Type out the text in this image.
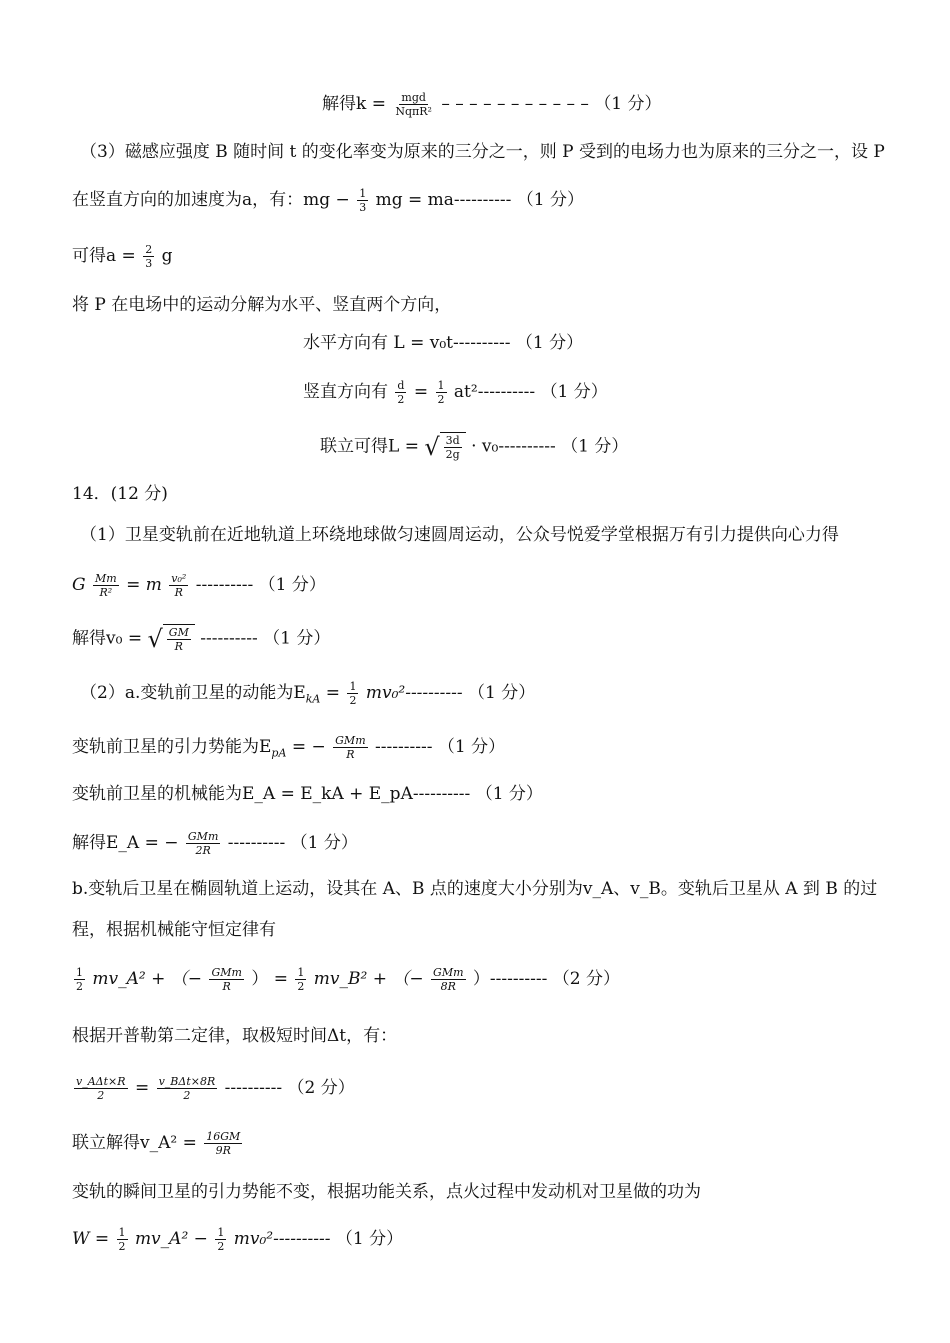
解得$k = \frac{\text{mgd}}{\text{NqπR²}}$ – – – – – – – – – – – （1 分）
（3）磁感应强度 B 随时间 t 的变化率变为原来的三分之一，则 P 受到的电场力也为原来的三分之一，设 P
在竖直方向的加速度为a，有：mg − $\frac{1}{3}$ mg = ma---------- （1 分）
可得$a = \frac{2}{3}$ g
将 P 在电场中的运动分解为水平、竖直两个方向，
水平方向有 L = v₀t---------- （1 分）
竖直方向有 $\frac{d}{2} = \frac{1}{2} at^2----------$ （1 分）
联立可得L = √ $\frac{3d}{2g} \cdot v_0----------$ （1 分）
14．(12 分)
（1）卫星变轨前在近地轨道上环绕地球做匀速圆周运动，公众号悦爱学堂根据万有引力提供向心力得
G $\frac{Mm}{\text{R²}} = m \frac{\text{v₀²}}{R}$ ---------- （1 分）
解得v₀ = √ $\frac{GM}{R}$ ---------- （1 分）
（2）a.变轨前卫星的动能为$E_{kA} = \frac{1}{2} mv_0^2----------$ （1 分）
变轨前卫星的引力势能为$E_{pA}$ = − $\frac{\text{GMm}}{R}$ ---------- （1 分）
变轨前卫星的机械能为E_A = E_kA + E_pA---------- （1 分）
解得E_A = − $\frac{\text{GMm}}{2R}$ ---------- （1 分）
b.变轨后卫星在椭圆轨道上运动，设其在 A、B 点的速度大小分别为v_A、v_B。变轨后卫星从 A 到 B 的过
程，根据机械能守恒定律有
$\frac{1}{2}$ mv_A² + （− $\frac{\text{GMm}}{R}$ ） = $\frac{1}{2}$ mv_B² + （− $\frac{\text{GMm}}{8R}$ ）---------- （2 分）
根据开普勒第二定律，取极短时间Δt，有：
$\frac{\text{v\_AΔt×R}}{2} = \frac{\text{v\_BΔt×8R}}{2}$ ---------- （2 分）
联立解得v_A² = $\frac{16GM}{9R}$
变轨的瞬间卫星的引力势能不变，根据功能关系，点火过程中发动机对卫星做的功为
$W = \frac{1}{2}$ mv_A² − $\frac{1}{2} mv_0^2----------$ （1 分）
